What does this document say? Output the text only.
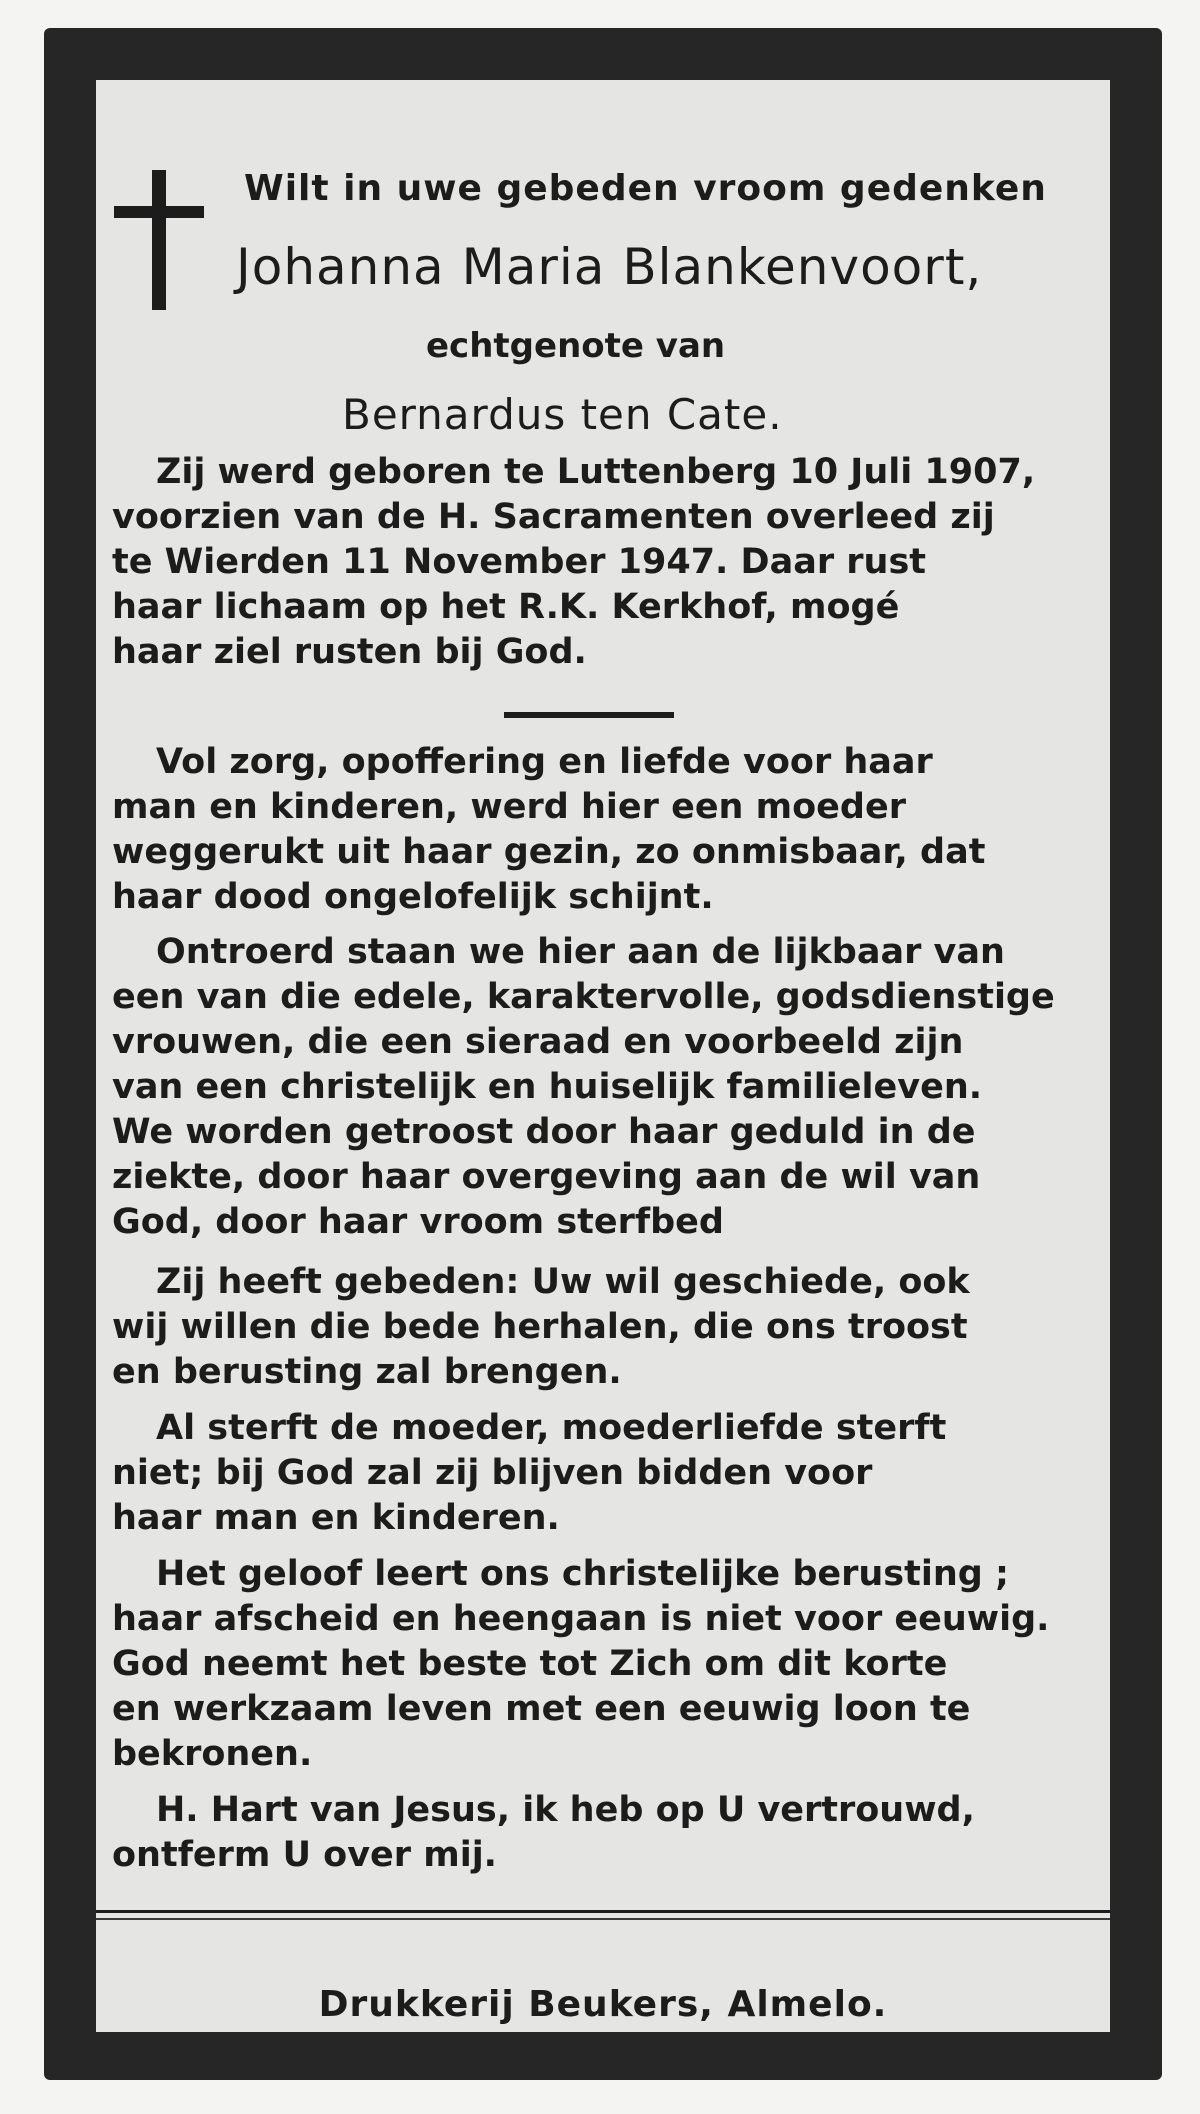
Wilt in uwe gebeden vroom gedenken

Johanna Maria Blankenvoort,

echtgenote van

Bernardus ten Cate.

Zij werd geboren te Luttenberg 10 Juli 1907,
voorzien van de H. Sacramenten overleed zij
te Wierden 11 November 1947. Daar rust
haar lichaam op het R.K. Kerkhof, mogé
haar ziel rusten bij God.
Vol zorg, opoffering en liefde voor haar
man en kinderen, werd hier een moeder
weggerukt uit haar gezin, zo onmisbaar, dat
haar dood ongelofelijk schijnt.
Ontroerd staan we hier aan de lijkbaar van
een van die edele, karaktervolle, godsdienstige
vrouwen, die een sieraad en voorbeeld zijn
van een christelijk en huiselijk familieleven.
We worden getroost door haar geduld in de
ziekte, door haar overgeving aan de wil van
God, door haar vroom sterfbed
Zij heeft gebeden: Uw wil geschiede, ook
wij willen die bede herhalen, die ons troost
en berusting zal brengen.
Al sterft de moeder, moederliefde sterft
niet; bij God zal zij blijven bidden voor
haar man en kinderen.
Het geloof leert ons christelijke berusting ;
haar afscheid en heengaan is niet voor eeuwig.
God neemt het beste tot Zich om dit korte
en werkzaam leven met een eeuwig loon te
bekronen.
H. Hart van Jesus, ik heb op U vertrouwd,
ontferm U over mij.

Drukkerij Beukers, Almelo.
